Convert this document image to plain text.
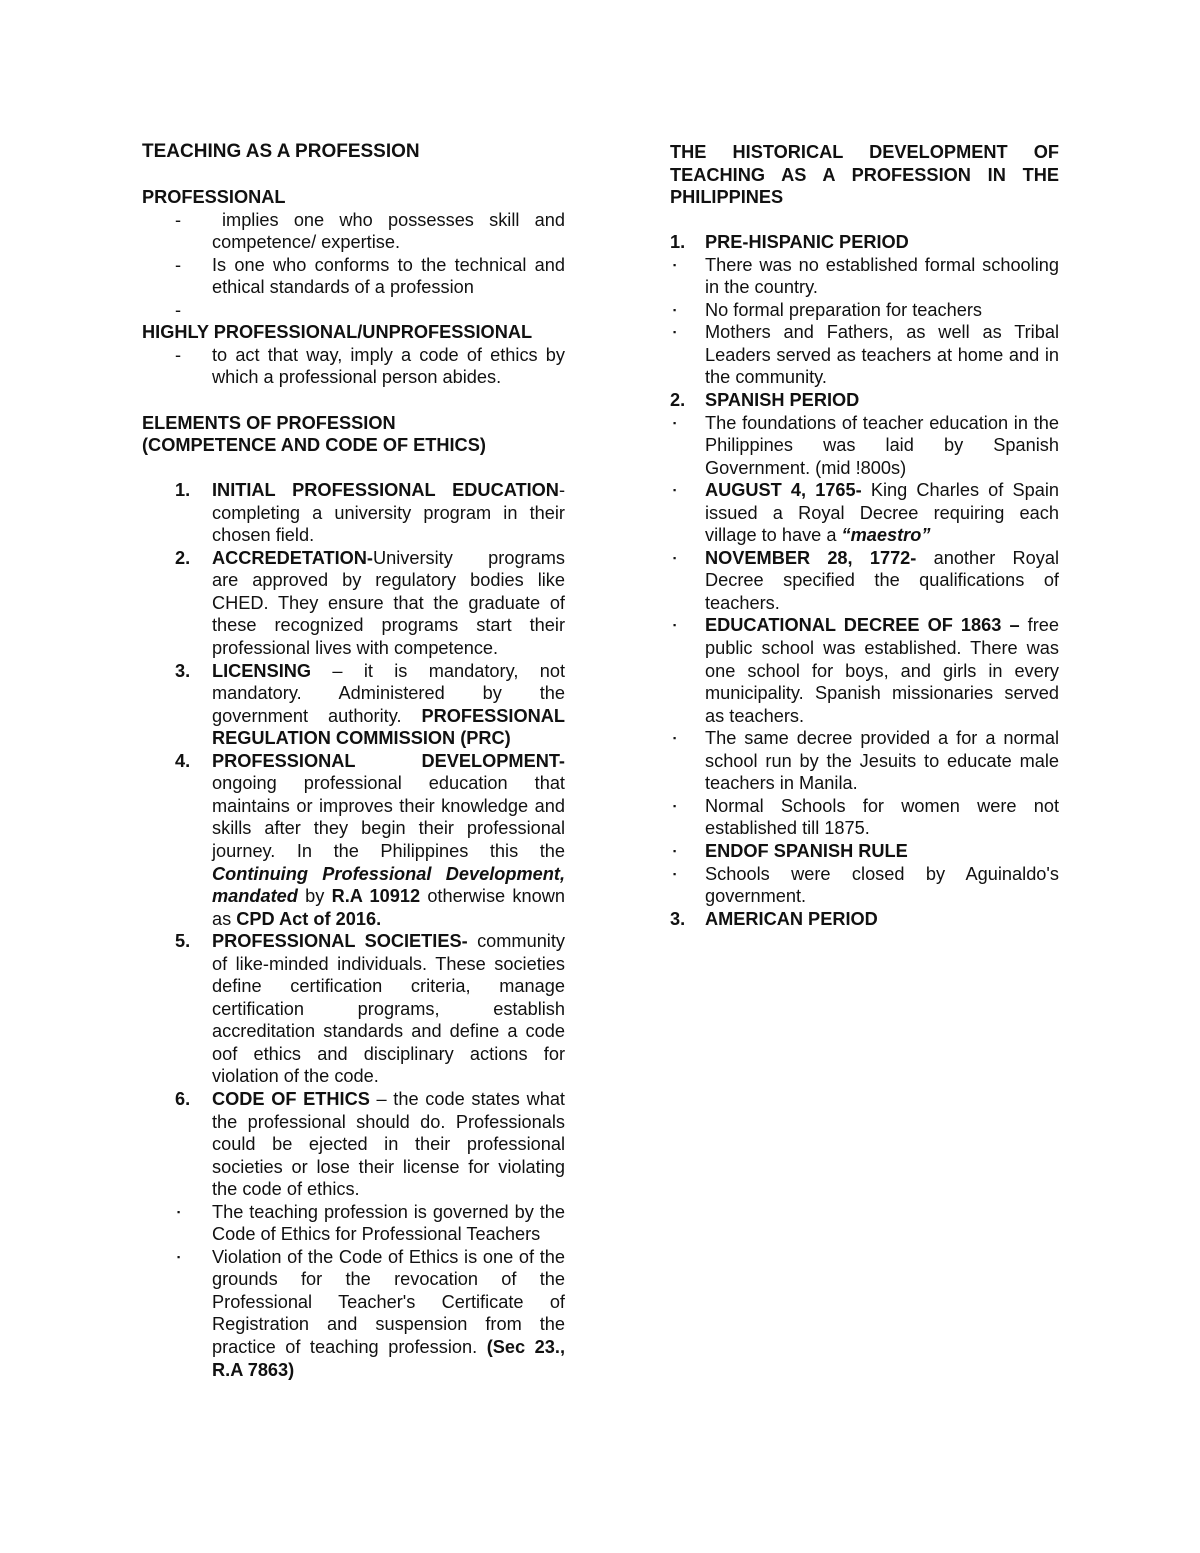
TEACHING AS A PROFESSION

PROFESSIONAL

- implies one who possesses skill and competence/ expertise.
- Is one who conforms to the technical and ethical standards of a profession
-

HIGHLY PROFESSIONAL/UNPROFESSIONAL

- to act that way, imply a code of ethics by which a professional person abides.

ELEMENTS OF PROFESSION

(COMPETENCE AND CODE OF ETHICS)

1. INITIAL PROFESSIONAL EDUCATION- completing a university program in their chosen field.
2. ACCREDETATION-University programs are approved by regulatory bodies like CHED. They ensure that the graduate of these recognized programs start their professional lives with competence.
3. LICENSING – it is mandatory, not mandatory. Administered by the government authority. PROFESSIONAL REGULATION COMMISSION (PRC)
4. PROFESSIONAL DEVELOPMENT- ongoing professional education that maintains or improves their knowledge and skills after they begin their professional journey. In the Philippines this the Continuing Professional Development, mandated by R.A 10912 otherwise known as CPD Act of 2016.
5. PROFESSIONAL SOCIETIES- community of like-minded individuals. These societies define certification criteria, manage certification programs, establish accreditation standards and define a code oof ethics and disciplinary actions for violation of the code.
6. CODE OF ETHICS – the code states what the professional should do. Professionals could be ejected in their professional societies or lose their license for violating the code of ethics.
▪ The teaching profession is governed by the Code of Ethics for Professional Teachers
▪ Violation of the Code of Ethics is one of the grounds for the revocation of the Professional Teacher's Certificate of Registration and suspension from the practice of teaching profession. (Sec 23., R.A 7863)

THE HISTORICAL DEVELOPMENT OF TEACHING AS A PROFESSION IN THE PHILIPPINES

1. PRE-HISPANIC PERIOD
▪ There was no established formal schooling in the country.
▪ No formal preparation for teachers
▪ Mothers and Fathers, as well as Tribal Leaders served as teachers at home and in the community.
2. SPANISH PERIOD
▪ The foundations of teacher education in the Philippines was laid by Spanish Government. (mid !800s)
▪ AUGUST 4, 1765- King Charles of Spain issued a Royal Decree requiring each village to have a “maestro”
▪ NOVEMBER 28, 1772- another Royal Decree specified the qualifications of teachers.
▪ EDUCATIONAL DECREE OF 1863 – free public school was established. There was one school for boys, and girls in every municipality. Spanish missionaries served as teachers.
▪ The same decree provided a for a normal school run by the Jesuits to educate male teachers in Manila.
▪ Normal Schools for women were not established till 1875.
▪ ENDOF SPANISH RULE
▪ Schools were closed by Aguinaldo's government.
3. AMERICAN PERIOD
